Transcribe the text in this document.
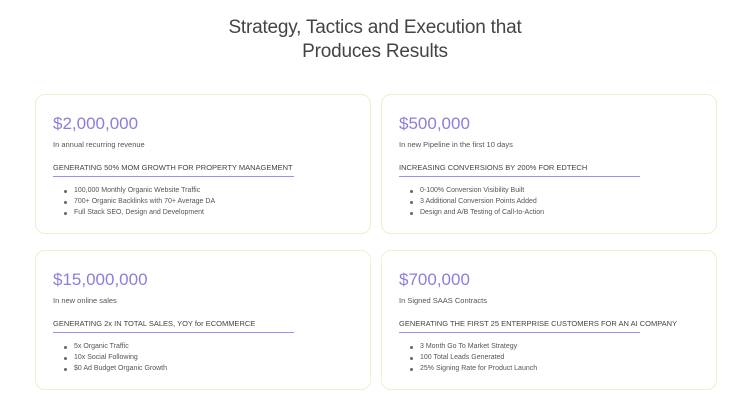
Strategy, Tactics and Execution that
Produces Results
$2,000,000
In annual recurring revenue
GENERATING 50% MOM GROWTH FOR PROPERTY MANAGEMENT
100,000 Monthly Organic Website Traffic
700+ Organic Backlinks with 70+ Average DA
Full Stack SEO, Design and Development
$500,000
In new Pipeline in the first 10 days
INCREASING CONVERSIONS BY 200% FOR EDTECH
0-100% Conversion Visibility Built
3 Additional Conversion Points Added
Design and A/B Testing of Call-to-Action
$15,000,000
In new online sales
GENERATING 2x IN TOTAL SALES, YOY for ECOMMERCE
5x Organic Traffic
10x Social Following
$0 Ad Budget Organic Growth
$700,000
In Signed SAAS Contracts
GENERATING THE FIRST 25 ENTERPRISE CUSTOMERS FOR AN AI COMPANY
3 Month Go To Market Strategy
100 Total Leads Generated
25% Signing Rate for Product Launch
